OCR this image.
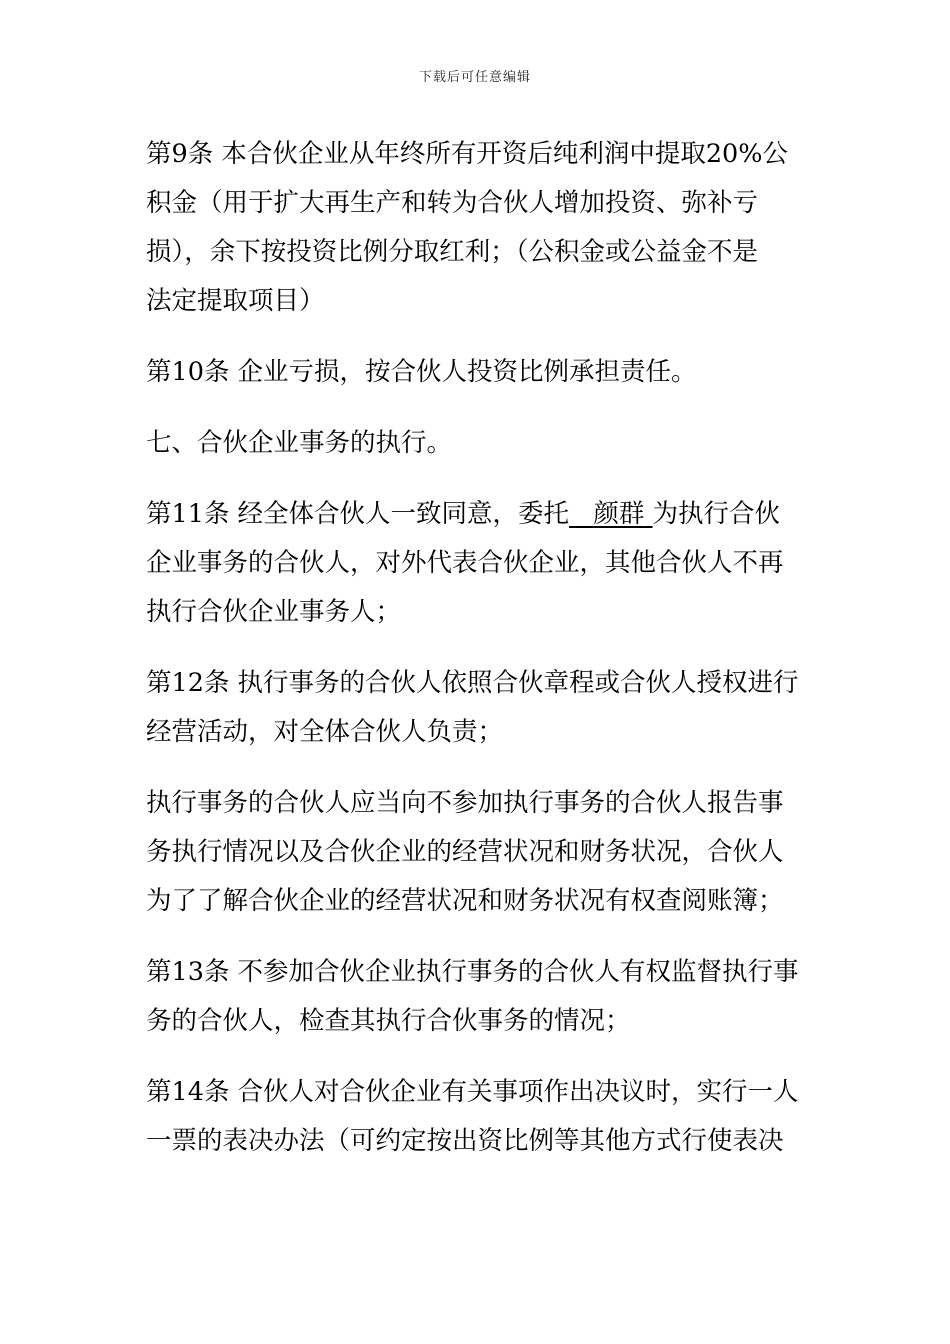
下载后可任意编辑

第9条 本合伙企业从年终所有开资后纯利润中提取20%公
积金（用于扩大再生产和转为合伙人增加投资、弥补亏
损），余下按投资比例分取红利；（公积金或公益金不是
法定提取项目）

第10条 企业亏损，按合伙人投资比例承担责任。

七、合伙企业事务的执行。

第11条 经全体合伙人一致同意，委托 颜群 为执行合伙
企业事务的合伙人，对外代表合伙企业，其他合伙人不再
执行合伙企业事务人；

第12条 执行事务的合伙人依照合伙章程或合伙人授权进行
经营活动，对全体合伙人负责；

执行事务的合伙人应当向不参加执行事务的合伙人报告事
务执行情况以及合伙企业的经营状况和财务状况，合伙人
为了了解合伙企业的经营状况和财务状况有权查阅账簿；

第13条 不参加合伙企业执行事务的合伙人有权监督执行事
务的合伙人，检查其执行合伙事务的情况；

第14条 合伙人对合伙企业有关事项作出决议时，实行一人
一票的表决办法（可约定按出资比例等其他方式行使表决
